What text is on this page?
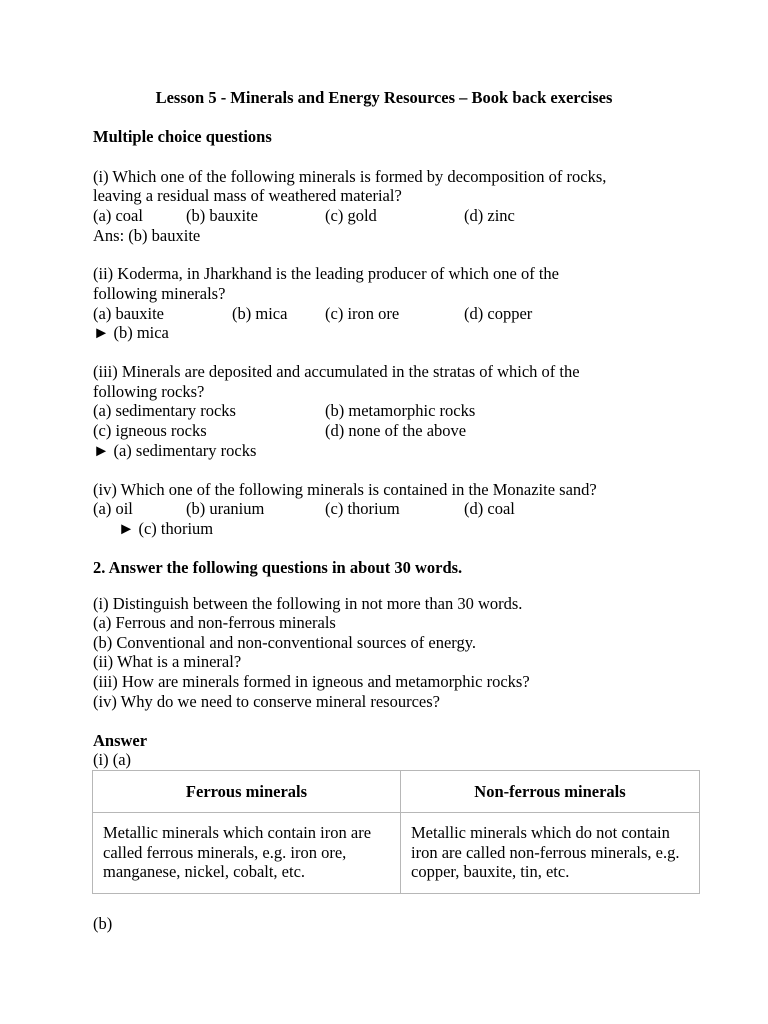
Lesson 5 - Minerals and Energy Resources – Book back exercises
Multiple choice questions
(i) Which one of the following minerals is formed by decomposition of rocks,
leaving a residual mass of weathered material?
(a) coal	(b) bauxite	(c) gold	(d) zinc
Ans: (b) bauxite
(ii) Koderma, in Jharkhand is the leading producer of which one of the
following minerals?
(a) bauxite	(b) mica (c) iron ore	(d) copper
► (b) mica
(iii) Minerals are deposited and accumulated in the stratas of which of the
following rocks?
(a) sedimentary rocks	(b) metamorphic rocks
(c) igneous rocks	(d) none of the above
► (a) sedimentary rocks
(iv) Which one of the following minerals is contained in the Monazite sand?
(a) oil	(b) uranium	(c) thorium	(d) coal
► (c) thorium
2. Answer the following questions in about 30 words.
(i) Distinguish between the following in not more than 30 words.
(a) Ferrous and non-ferrous minerals
(b) Conventional and non-conventional sources of energy.
(ii) What is a mineral?
(iii) How are minerals formed in igneous and metamorphic rocks?
(iv) Why do we need to conserve mineral resources?
Answer
(i) (a)
Ferrous minerals	Non-ferrous minerals
Metallic minerals which contain iron are called ferrous minerals, e.g. iron ore, manganese, nickel, cobalt, etc.
Metallic minerals which do not contain iron are called non-ferrous minerals, e.g. copper, bauxite, tin, etc.
(b)
